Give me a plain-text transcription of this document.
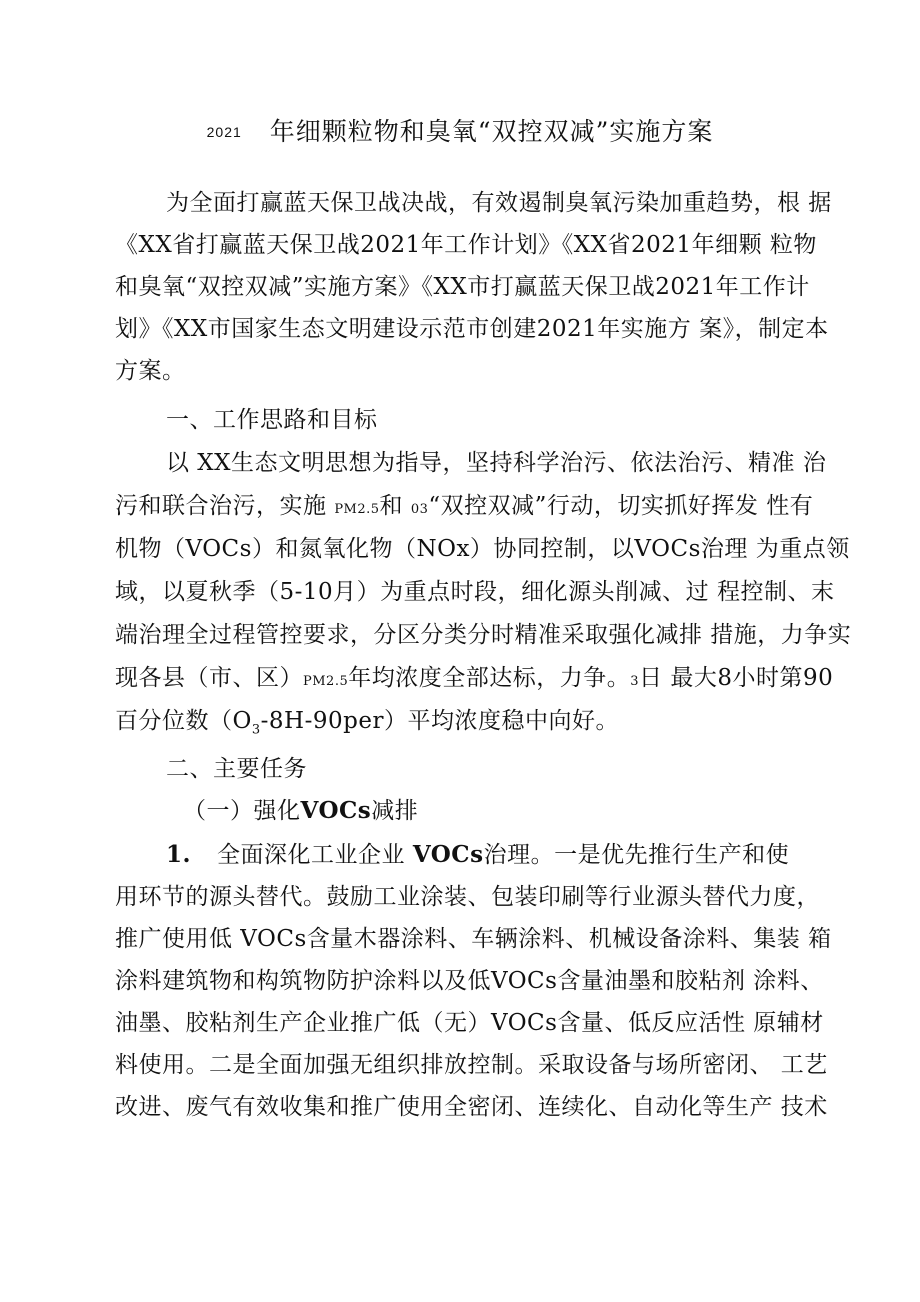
2021 年细颗粒物和臭氧“双控双减”实施方案
为全面打赢蓝天保卫战决战，有效遏制臭氧污染加重趋势，根 据
《XX省打赢蓝天保卫战2021年工作计划》《XX省2021年细颗 粒物
和臭氧“双控双减”实施方案》《XX市打赢蓝天保卫战2021年工作计
划》《XX市国家生态文明建设示范市创建2021年实施方 案》，制定本
方案。
一、工作思路和目标
以 XX生态文明思想为指导，坚持科学治污、依法治污、精准 治
污和联合治污，实施 PM2.5和 03“双控双减”行动，切实抓好挥发 性有
机物（VOCs）和氮氧化物（NOx）协同控制，以VOCs治理 为重点领
域，以夏秋季（5-10月）为重点时段，细化源头削减、过 程控制、末
端治理全过程管控要求，分区分类分时精准采取强化减排 措施，力争实
现各县（市、区）PM2.5年均浓度全部达标，力争。3日 最大8小时第90
百分位数$(O_3-8H-90per)$平均浓度稳中向好。
二、主要任务
（一）强化VOCs减排
1. 全面深化工业企业 VOCs治理。一是优先推行生产和使
用环节的源头替代。鼓励工业涂装、包装印刷等行业源头替代力度，
推广使用低 VOCs含量木器涂料、车辆涂料、机械设备涂料、集装 箱
涂料建筑物和构筑物防护涂料以及低VOCs含量油墨和胶粘剂 涂料、
油墨、胶粘剂生产企业推广低（无）VOCs含量、低反应活性 原辅材
料使用。二是全面加强无组织排放控制。采取设备与场所密闭、 工艺
改进、废气有效收集和推广使用全密闭、连续化、自动化等生产 技术
